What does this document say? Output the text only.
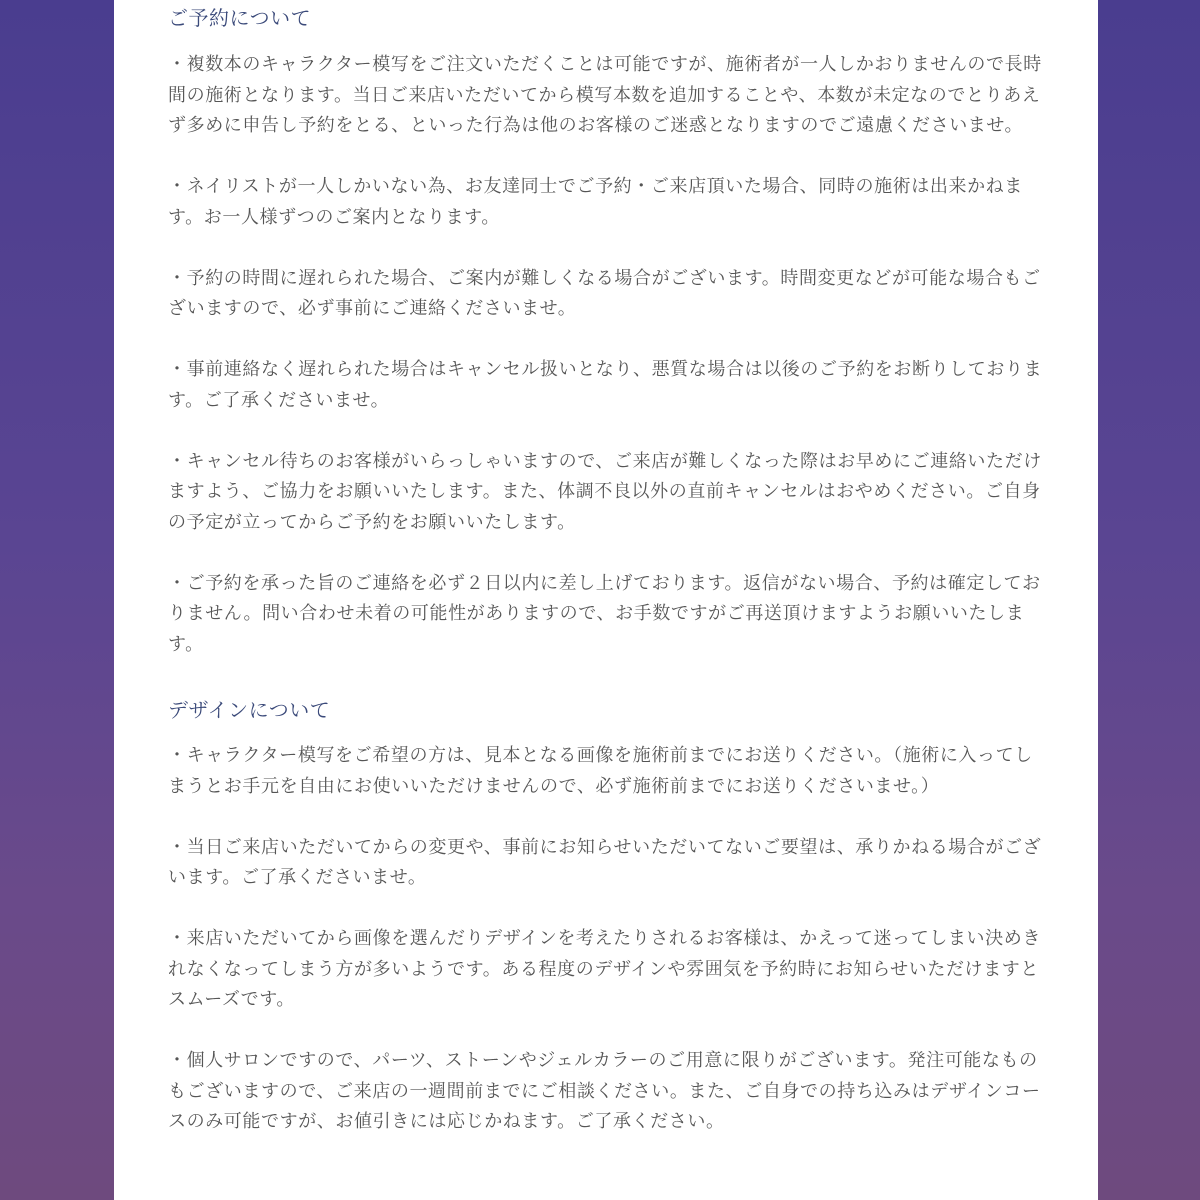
ご予約について

・複数本のキャラクター模写をご注文いただくことは可能ですが、施術者が一人しかおりませんので長時間の施術となります。当日ご来店いただいてから模写本数を追加することや、本数が未定なのでとりあえず多めに申告し予約をとる、といった行為は他のお客様のご迷惑となりますのでご遠慮くださいませ。

・ネイリストが一人しかいない為、お友達同士でご予約・ご来店頂いた場合、同時の施術は出来かねます。お一人様ずつのご案内となります。

・予約の時間に遅れられた場合、ご案内が難しくなる場合がございます。時間変更などが可能な場合もございますので、必ず事前にご連絡くださいませ。

・事前連絡なく遅れられた場合はキャンセル扱いとなり、悪質な場合は以後のご予約をお断りしております。ご了承くださいませ。

・キャンセル待ちのお客様がいらっしゃいますので、ご来店が難しくなった際はお早めにご連絡いただけますよう、ご協力をお願いいたします。また、体調不良以外の直前キャンセルはおやめください。ご自身の予定が立ってからご予約をお願いいたします。

・ご予約を承った旨のご連絡を必ず２日以内に差し上げております。返信がない場合、予約は確定しておりません。問い合わせ未着の可能性がありますので、お手数ですがご再送頂けますようお願いいたします。

デザインについて

・キャラクター模写をご希望の方は、見本となる画像を施術前までにお送りください。（施術に入ってしまうとお手元を自由にお使いいただけませんので、必ず施術前までにお送りくださいませ。）

・当日ご来店いただいてからの変更や、事前にお知らせいただいてないご要望は、承りかねる場合がございます。ご了承くださいませ。

・来店いただいてから画像を選んだりデザインを考えたりされるお客様は、かえって迷ってしまい決めきれなくなってしまう方が多いようです。ある程度のデザインや雰囲気を予約時にお知らせいただけますとスムーズです。

・個人サロンですので、パーツ、ストーンやジェルカラーのご用意に限りがございます。発注可能なものもございますので、ご来店の一週間前までにご相談ください。また、ご自身での持ち込みはデザインコースのみ可能ですが、お値引きには応じかねます。ご了承ください。
